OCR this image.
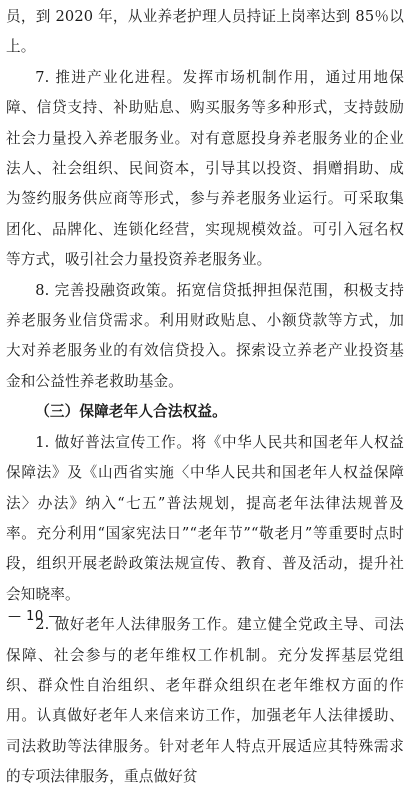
员，到 2020 年，从业养老护理人员持证上岗率达到 85％以上。

7. 推进产业化进程。发挥市场机制作用，通过用地保障、信贷支持、补助贴息、购买服务等多种形式，支持鼓励社会力量投入养老服务业。对有意愿投身养老服务业的企业法人、社会组织、民间资本，引导其以投资、捐赠捐助、成为签约服务供应商等形式，参与养老服务业运行。可采取集团化、品牌化、连锁化经营，实现规模效益。可引入冠名权等方式，吸引社会力量投资养老服务业。

8. 完善投融资政策。拓宽信贷抵押担保范围，积极支持养老服务业信贷需求。利用财政贴息、小额贷款等方式，加大对养老服务业的有效信贷投入。探索设立养老产业投资基金和公益性养老救助基金。

（三）保障老年人合法权益。

1. 做好普法宣传工作。将《中华人民共和国老年人权益保障法》及《山西省实施〈中华人民共和国老年人权益保障法〉办法》纳入“七五”普法规划，提高老年法律法规普及率。充分利用“国家宪法日”“老年节”“敬老月”等重要时点时段，组织开展老龄政策法规宣传、教育、普及活动，提升社会知晓率。

2. 做好老年人法律服务工作。建立健全党政主导、司法保障、社会参与的老年维权工作机制。充分发挥基层党组织、群众性自治组织、老年群众组织在老年维权方面的作用。认真做好老年人来信来访工作，加强老年人法律援助、司法救助等法律服务。针对老年人特点开展适应其特殊需求的专项法律服务，重点做好贫

— 10 —
